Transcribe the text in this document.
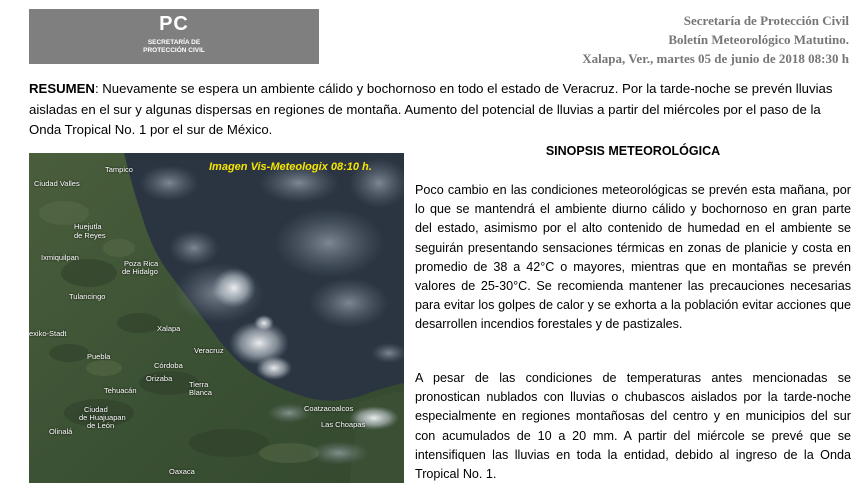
PC
SECRETARÍA DE
PROTECCIÓN CIVIL
Secretaría de Protección Civil
Boletín Meteorológico Matutino.
Xalapa, Ver., martes 05 de junio de 2018 08:30 h
RESUMEN: Nuevamente se espera un ambiente cálido y bochornoso en todo el estado de Veracruz. Por la tarde-noche se prevén lluvias aisladas en el sur y algunas dispersas en regiones de montaña. Aumento del potencial de lluvias a partir del miércoles por el paso de la Onda Tropical No. 1 por el sur de México.
Imagen Vis-Meteologix 08:10 h.
Tampico
Ciudad Valles
Huejutla
de Reyes
Ixmiquilpan
Poza Rica
de Hidalgo
Tulancingo
exiko-Stadt
Xalapa
Puebla
Veracruz
Córdoba
Orizaba
Tehuacán
Tierra
Blanca
Ciudad
de Huajuapan
de León
Olinalá
Coatzacoalcos
Las Choapas
Oaxaca
SINOPSIS METEOROLÓGICA
Poco cambio en las condiciones meteorológicas se prevén esta mañana, por lo que se mantendrá el ambiente diurno cálido y bochornoso en gran parte del estado, asimismo por el alto contenido de humedad en el ambiente se seguirán presentando sensaciones térmicas en zonas de planicie y costa en promedio de 38 a 42°C o mayores, mientras que en montañas se prevén valores de 25-30°C. Se recomienda mantener las precauciones necesarias para evitar los golpes de calor y se exhorta a la población evitar acciones que desarrollen incendios forestales y de pastizales.
A pesar de las condiciones de temperaturas antes mencionadas se pronostican nublados con lluvias o chubascos aislados por la tarde-noche especialmente en regiones montañosas del centro y en municipios del sur con acumulados de 10 a 20 mm. A partir del miércole se prevé que se intensifiquen las lluvias en toda la entidad, debido al ingreso de la Onda Tropical No. 1.
